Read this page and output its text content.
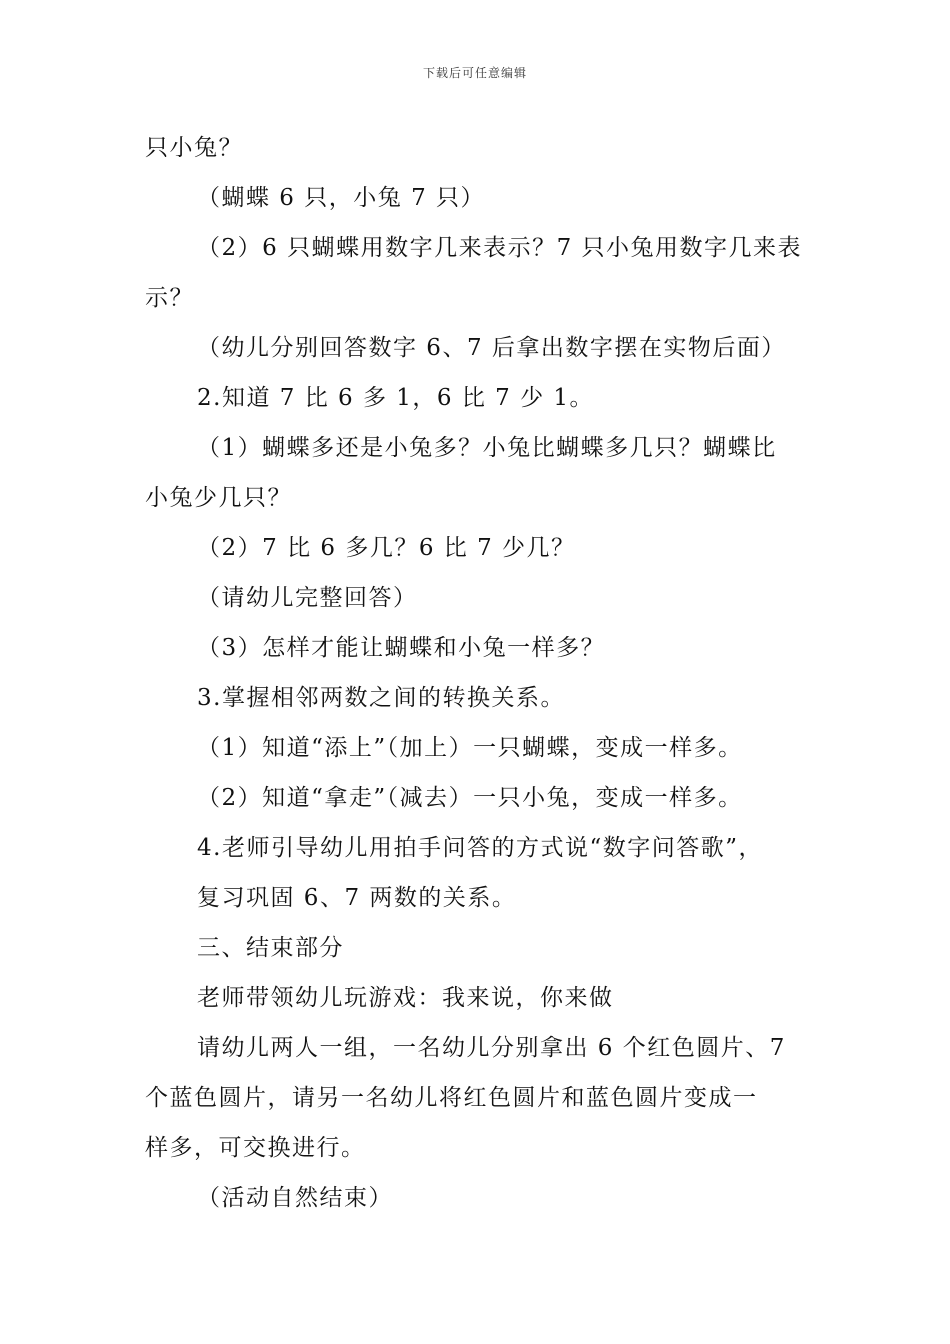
下载后可任意编辑
只小兔？
（蝴蝶 6 只，小兔 7 只）
（2）6 只蝴蝶用数字几来表示？7 只小兔用数字几来表
示？
（幼儿分别回答数字 6、7 后拿出数字摆在实物后面）
2.知道 7 比 6 多 1，6 比 7 少 1。
（1）蝴蝶多还是小兔多？小兔比蝴蝶多几只？蝴蝶比
小兔少几只？
（2）7 比 6 多几？6 比 7 少几？
（请幼儿完整回答）
（3）怎样才能让蝴蝶和小兔一样多？
3.掌握相邻两数之间的转换关系。
（1）知道“添上”（加上）一只蝴蝶，变成一样多。
（2）知道“拿走”（减去）一只小兔，变成一样多。
4.老师引导幼儿用拍手问答的方式说“数字问答歌”，
复习巩固 6、7 两数的关系。
三、结束部分
老师带领幼儿玩游戏：我来说，你来做
请幼儿两人一组，一名幼儿分别拿出 6 个红色圆片、7
个蓝色圆片，请另一名幼儿将红色圆片和蓝色圆片变成一
样多，可交换进行。
（活动自然结束）
